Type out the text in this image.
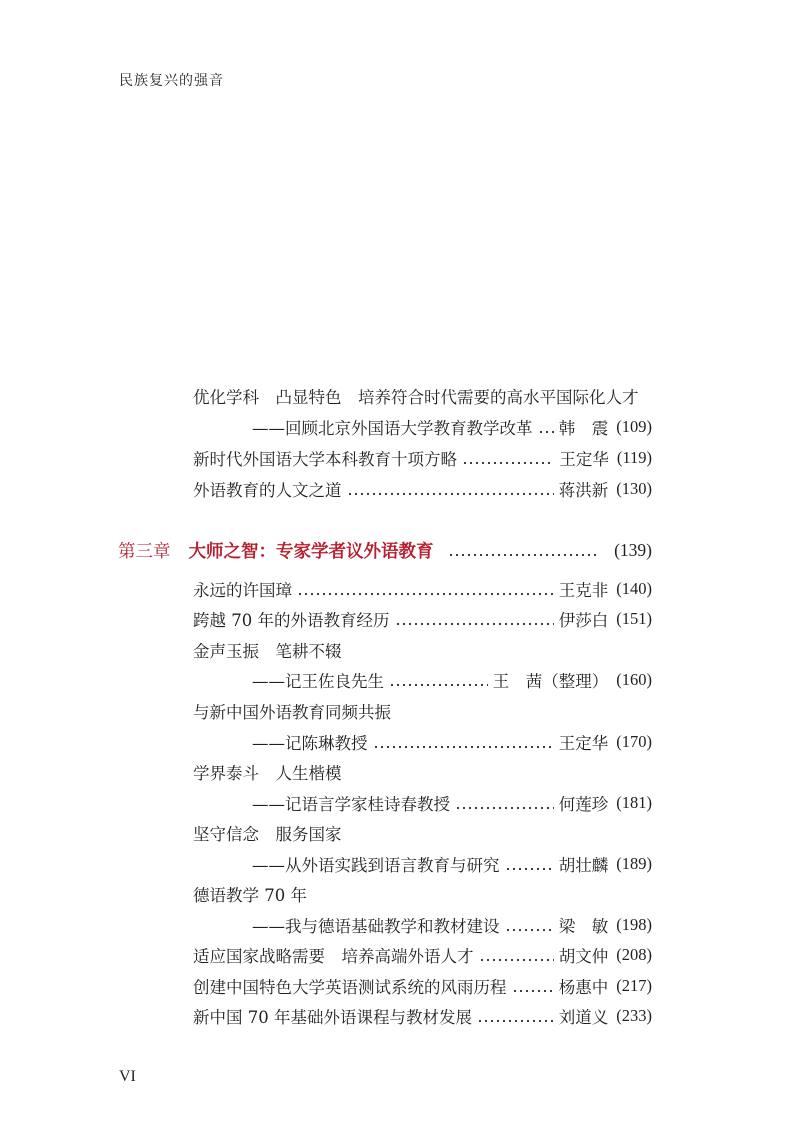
民族复兴的强音
优化学科　凸显特色　培养符合时代需要的高水平国际化人才
——回顾北京外国语大学教育教学改革 韩　震 (109)
新时代外国语大学本科教育十项方略	王定华 (119)
外语教育的人文之道	蒋洪新 (130)
第三章 大师之智：专家学者议外语教育	(139)
永远的许国璋	王克非 (140)
跨越 70 年的外语教育经历	伊莎白 (151)
金声玉振　笔耕不辍
——记王佐良先生	王　茜（整理） (160)
与新中国外语教育同频共振
——记陈琳教授	王定华 (170)
学界泰斗　人生楷模
——记语言学家桂诗春教授	何莲珍 (181)
坚守信念　服务国家
——从外语实践到语言教育与研究	胡壮麟 (189)
德语教学 70 年
——我与德语基础教学和教材建设	梁　敏 (198)
适应国家战略需要　培养高端外语人才	胡文仲 (208)
创建中国特色大学英语测试系统的风雨历程	杨惠中 (217)
新中国 70 年基础外语课程与教材发展	刘道义 (233)
VI
